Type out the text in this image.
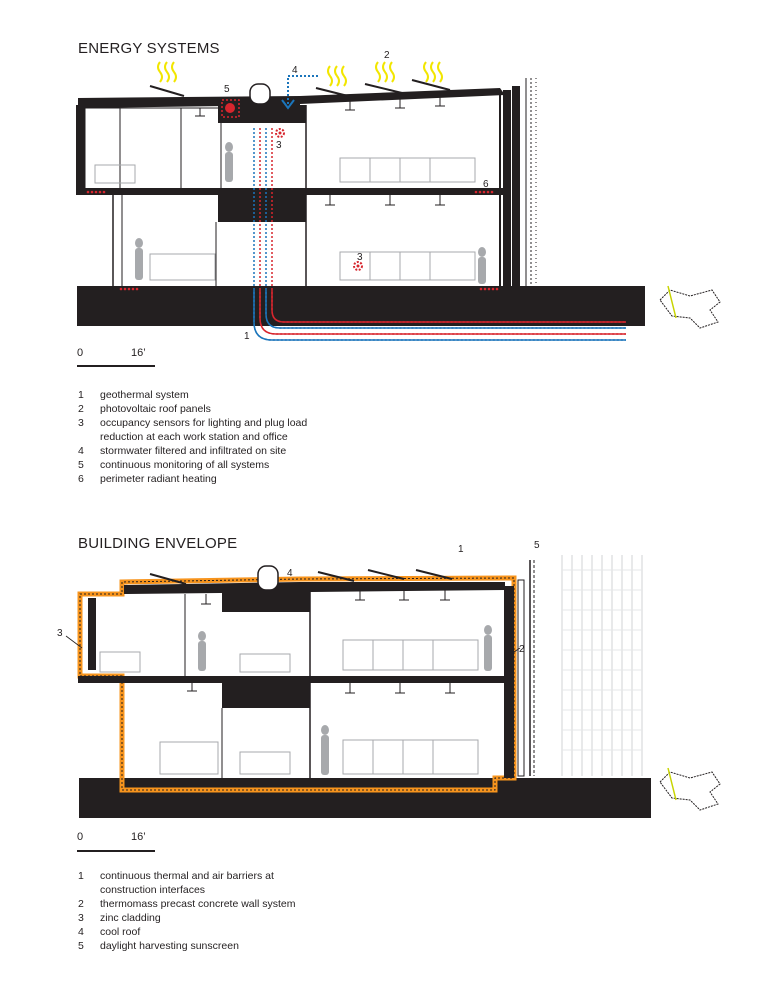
ENERGY SYSTEMS
BUILDING ENVELOPE
1
2
3
3
4
5
6
0	16’
1	geothermal system
2	photovoltaic roof panels
3	occupancy sensors for lighting and plug load reduction at each work station and office
4	stormwater filtered and infiltrated on site
5	continuous monitoring of all systems
6	perimeter radiant heating
1
2
3
4
5
0	16’
1	continuous thermal and air barriers at construction interfaces
2	thermomass precast concrete wall system
3	zinc cladding
4	cool roof
5	daylight harvesting sunscreen
